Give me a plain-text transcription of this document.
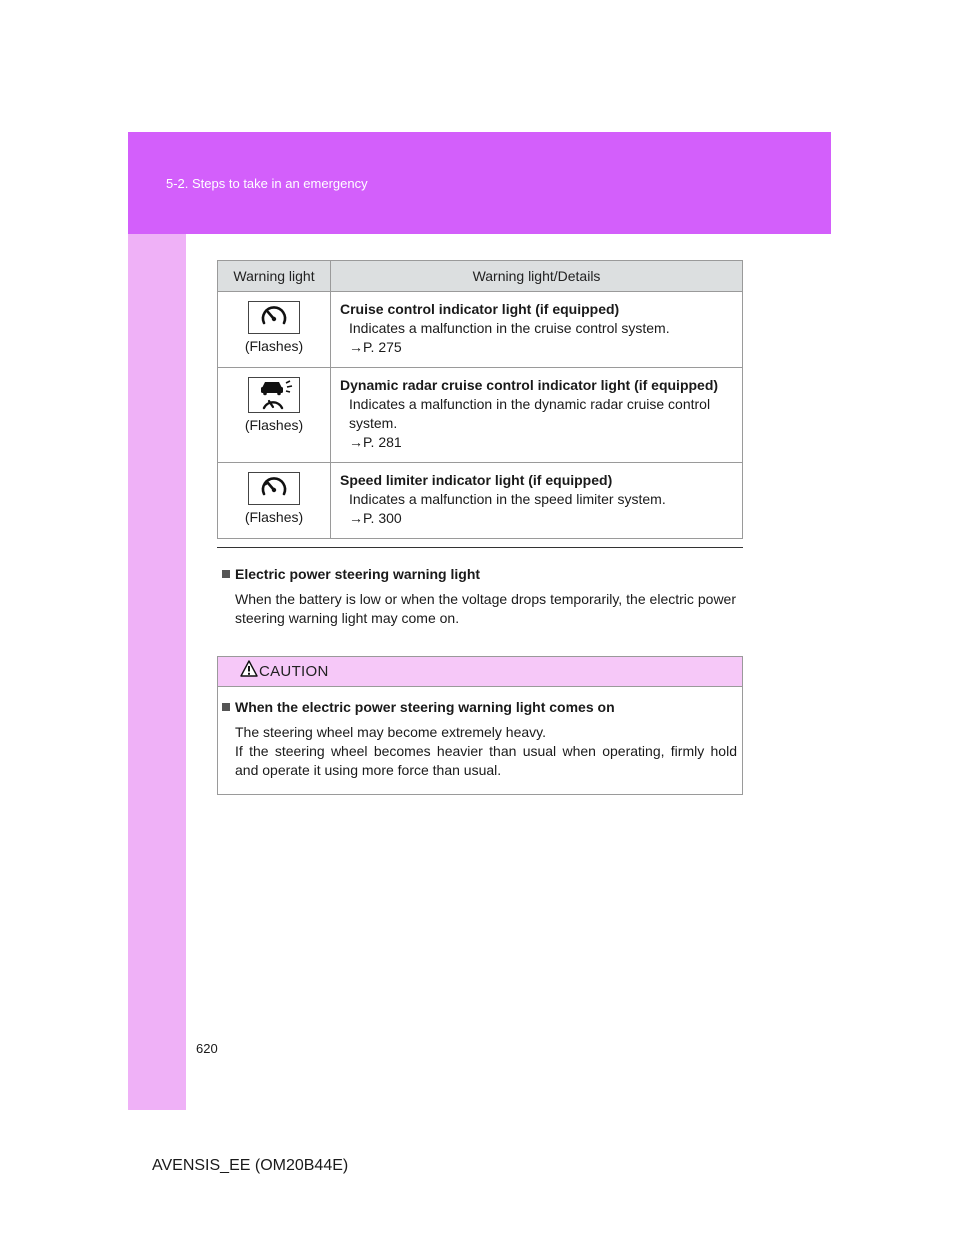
5-2. Steps to take in an emergency
Warning light	Warning light/Details

(Flashes)	Cruise control indicator light (if equipped)
Indicates a malfunction in the cruise control system.
→P. 275

(Flashes)	Dynamic radar cruise control indicator light (if equipped)
Indicates a malfunction in the dynamic radar cruise control system.
→P. 281

(Flashes)	Speed limiter indicator light (if equipped)
Indicates a malfunction in the speed limiter system.
→P. 300
Electric power steering warning light
When the battery is low or when the voltage drops temporarily, the electric power steering warning light may come on.
CAUTION
When the electric power steering warning light comes on
The steering wheel may become extremely heavy.
If the steering wheel becomes heavier than usual when operating, firmly hold and operate it using more force than usual.
620
AVENSIS_EE (OM20B44E)
